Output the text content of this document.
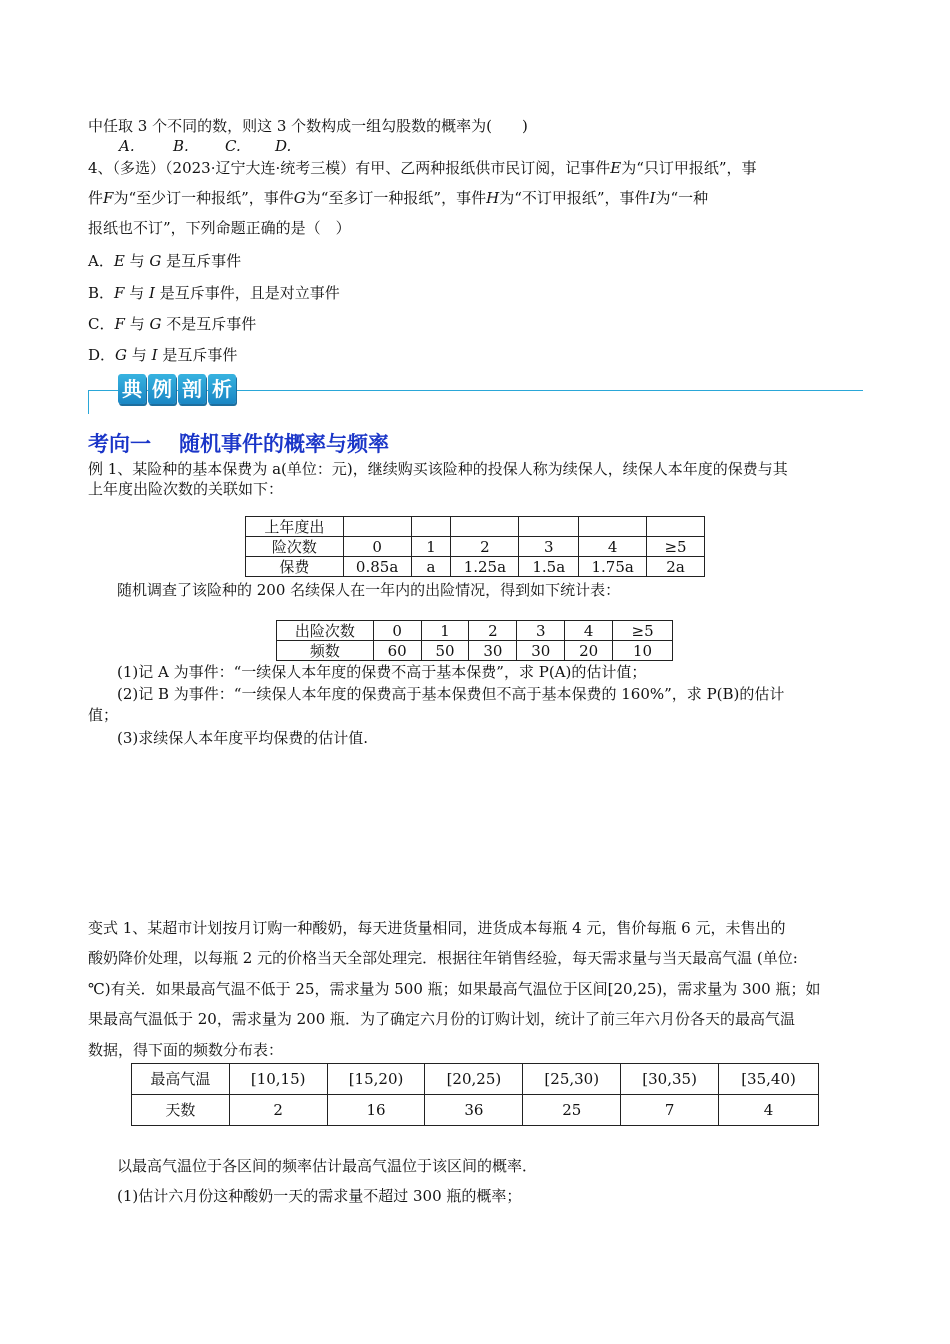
中任取 3 个不同的数，则这 3 个数构成一组勾股数的概率为(　　)
A.	B. C. D.
4、（多选）（2023·辽宁大连·统考三模）有甲、乙两种报纸供市民订阅，记事件E为“只订甲报纸”，事
件F为“至少订一种报纸”，事件G为“至多订一种报纸”，事件H为“不订甲报纸”，事件I为“一种
报纸也不订”，下列命题正确的是（　）
A．E 与 G 是互斥事件
B．F 与 I 是互斥事件，且是对立事件
C．F 与 G 不是互斥事件
D．G 与 I 是互斥事件
典 例 剖 析
考向一 随机事件的概率与频率
例 1、某险种的基本保费为 a(单位：元)，继续购买该险种的投保人称为续保人，续保人本年度的保费与其
上年度出险次数的关联如下：
上年度出						
险次数	0	1	2	3	4	≥5
保费	0.85a	a	1.25a	1.5a	1.75a	2a
随机调查了该险种的 200 名续保人在一年内的出险情况，得到如下统计表：
出险次数	0	1	2	3	4	≥5
频数	60	50	30	30	20	10
(1)记 A 为事件：“一续保人本年度的保费不高于基本保费”，求 P(A)的估计值；
(2)记 B 为事件：“一续保人本年度的保费高于基本保费但不高于基本保费的 160%”，求 P(B)的估计
值；
(3)求续保人本年度平均保费的估计值.
变式 1、某超市计划按月订购一种酸奶，每天进货量相同，进货成本每瓶 4 元，售价每瓶 6 元，未售出的
酸奶降价处理，以每瓶 2 元的价格当天全部处理完．根据往年销售经验，每天需求量与当天最高气温 (单位:
℃)有关．如果最高气温不低于 25，需求量为 500 瓶；如果最高气温位于区间[20,25)，需求量为 300 瓶；如
果最高气温低于 20，需求量为 200 瓶．为了确定六月份的订购计划，统计了前三年六月份各天的最高气温
数据，得下面的频数分布表：
最高气温	[10,15)	[15,20)	[20,25)	[25,30)	[30,35)	[35,40)
天数	2	16	36	25	7	4
以最高气温位于各区间的频率估计最高气温位于该区间的概率．
(1)估计六月份这种酸奶一天的需求量不超过 300 瓶的概率；
